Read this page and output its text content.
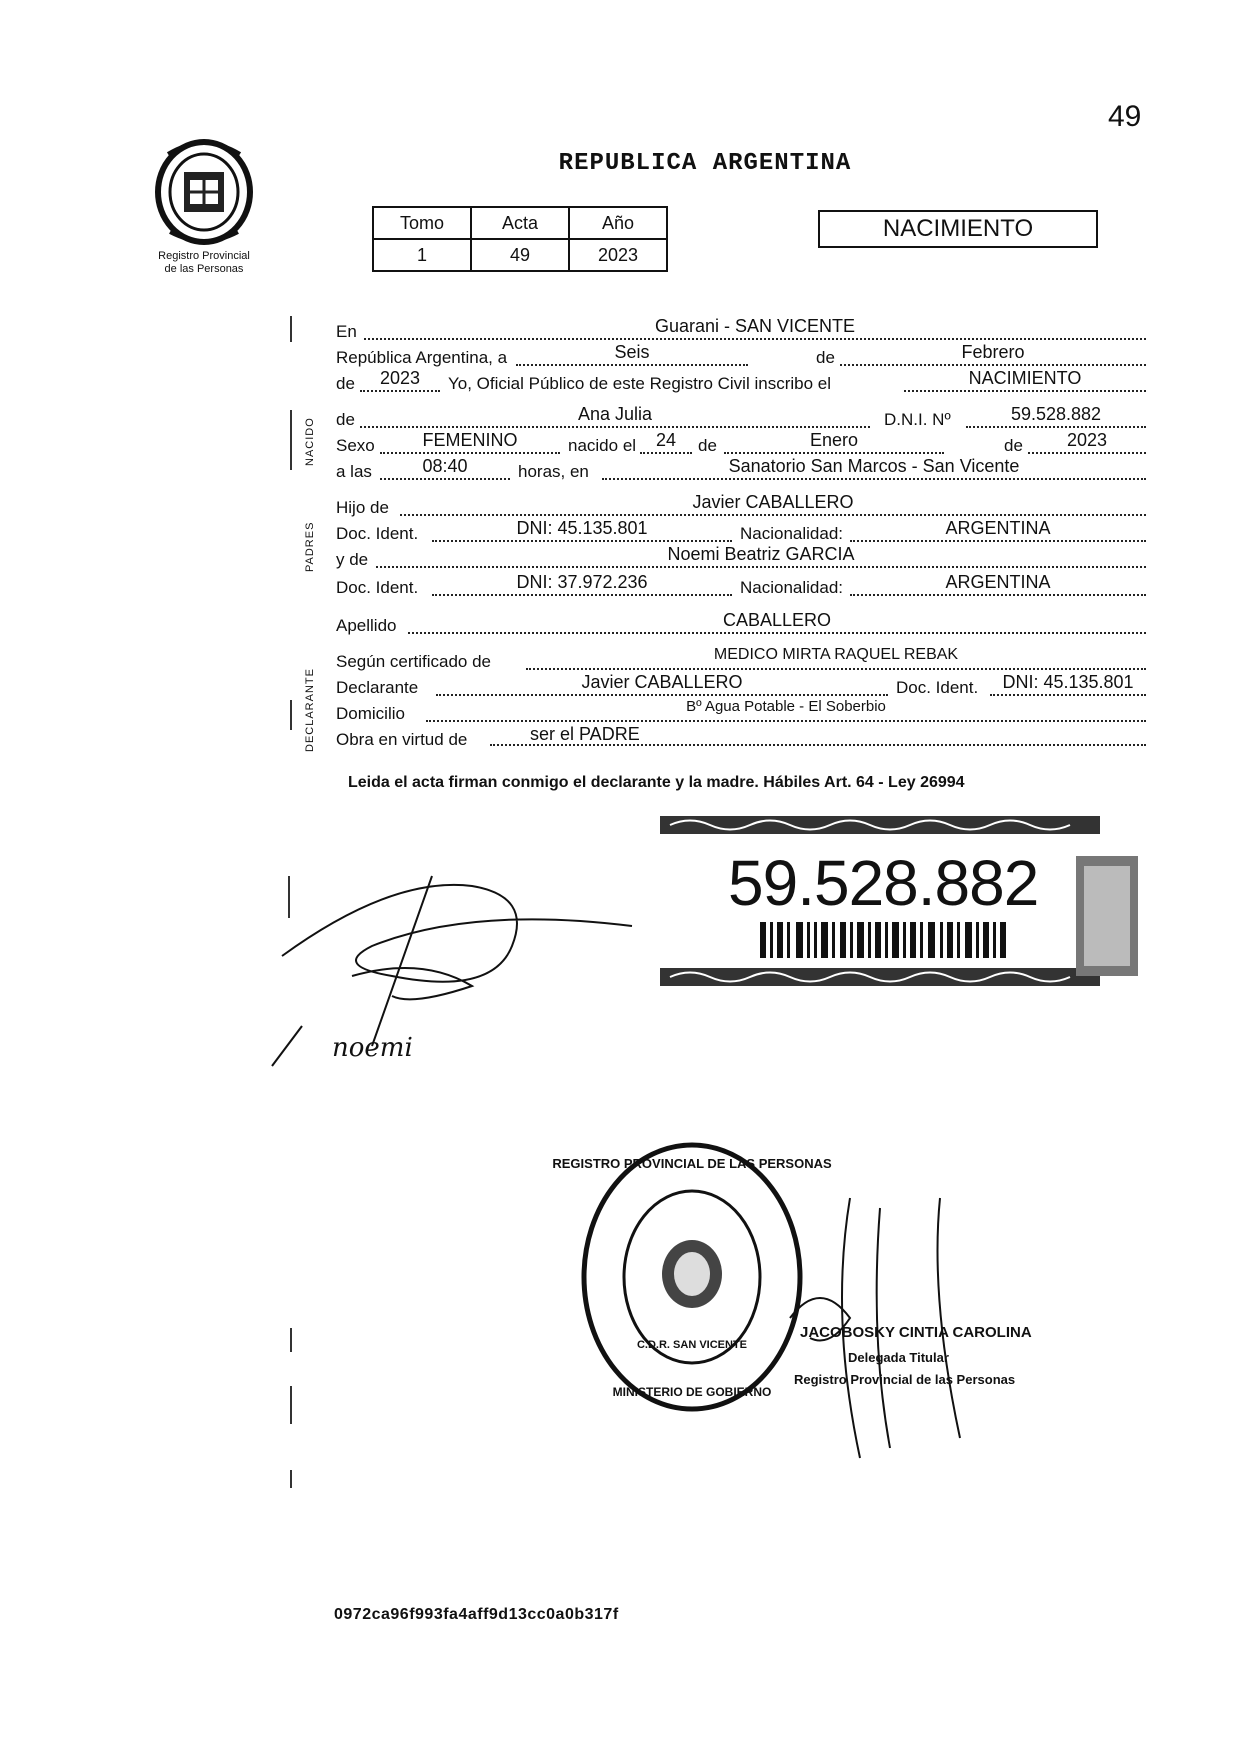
49
Registro Provincial
de las Personas
REPUBLICA ARGENTINA
Tomo	Acta	Año
1	49	2023
NACIMIENTO
NACIDO
PADRES
DECLARANTE
En	Guarani - SAN VICENTE
República Argentina, a	Seis	de	Febrero
de	2023	Yo, Oficial Público de este Registro Civil inscribo el	NACIMIENTO
de	Ana Julia	D.N.I. Nº	59.528.882
Sexo	FEMENINO	nacido el	24	de	Enero	de	2023
a las	08:40	horas, en	Sanatorio San Marcos - San Vicente
Hijo de	Javier CABALLERO
Doc. Ident.	DNI: 45.135.801	Nacionalidad:	ARGENTINA
y de	Noemi Beatriz GARCIA
Doc. Ident.	DNI: 37.972.236	Nacionalidad:	ARGENTINA
Apellido	CABALLERO
Según certificado de	MEDICO MIRTA RAQUEL REBAK
Declarante	Javier CABALLERO	Doc. Ident.	DNI: 45.135.801
Domicilio	Bº Agua Potable - El Soberbio
Obra en virtud de	ser el PADRE
Leida el acta firman conmigo el declarante y la madre. Hábiles Art. 64 - Ley 26994
59.528.882
noemi
REGISTRO PROVINCIAL DE LAS PERSONAS
C.D.R. SAN VICENTE
MINISTERIO DE GOBIERNO
JACOBOSKY CINTIA CAROLINA
Delegada Titular
Registro Provincial de las Personas
0972ca96f993fa4aff9d13cc0a0b317f
